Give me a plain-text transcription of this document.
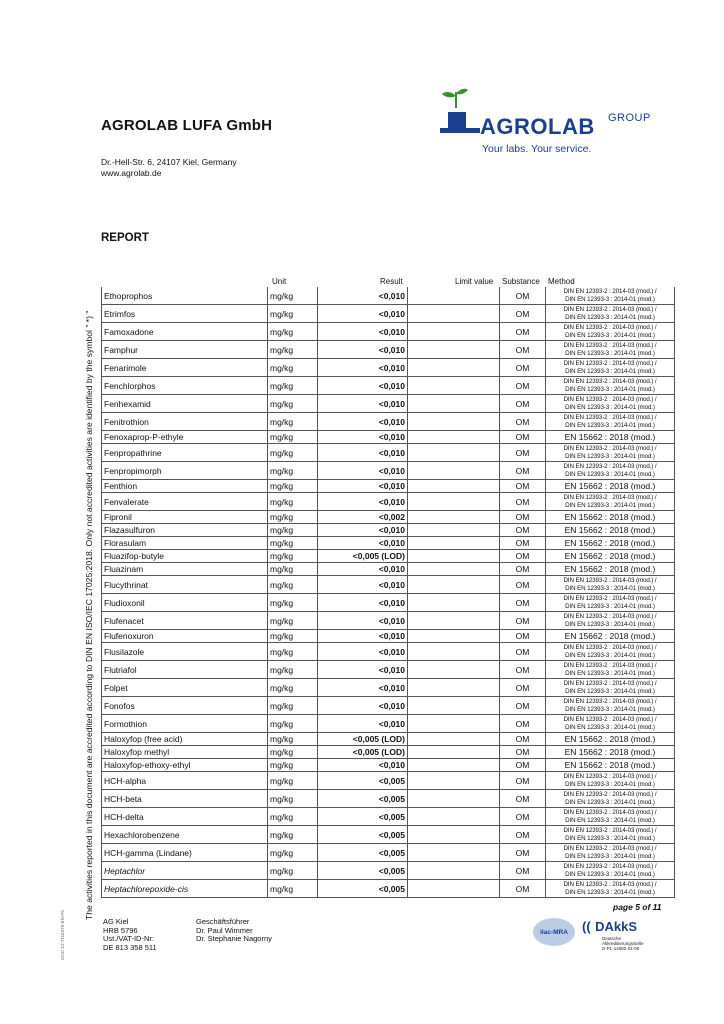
AGROLAB LUFA GmbH
Dr.-Hell-Str. 6, 24107 Kiel, Germany
www.agrolab.de
AGROLAB GROUP
Your labs. Your service.
REPORT
Unit	Result	Limit value Substance Method
Ethoprophos	mg/kg	<0,010	OM	DIN EN 12393-2 : 2014-03 (mod.) /
DIN EN 12393-3 : 2014-01 (mod.)
Etrimfos	mg/kg	<0,010	OM	DIN EN 12393-2 : 2014-03 (mod.) /
DIN EN 12393-3 : 2014-01 (mod.)
Famoxadone	mg/kg	<0,010	OM	DIN EN 12393-2 : 2014-03 (mod.) /
DIN EN 12393-3 : 2014-01 (mod.)
Famphur	mg/kg	<0,010	OM	DIN EN 12393-2 : 2014-03 (mod.) /
DIN EN 12393-3 : 2014-01 (mod.)
Fenarimole	mg/kg	<0,010	OM	DIN EN 12393-2 : 2014-03 (mod.) /
DIN EN 12393-3 : 2014-01 (mod.)
Fenchlorphos	mg/kg	<0,010	OM	DIN EN 12393-2 : 2014-03 (mod.) /
DIN EN 12393-3 : 2014-01 (mod.)
Fenhexamid	mg/kg	<0,010	OM	DIN EN 12393-2 : 2014-03 (mod.) /
DIN EN 12393-3 : 2014-01 (mod.)
Fenitrothion	mg/kg	<0,010	OM	DIN EN 12393-2 : 2014-03 (mod.) /
DIN EN 12393-3 : 2014-01 (mod.)
Fenoxaprop-P-ethyle	mg/kg	<0,010	OM	EN 15662 : 2018 (mod.)
Fenpropathrine	mg/kg	<0,010	OM	DIN EN 12393-2 : 2014-03 (mod.) /
DIN EN 12393-3 : 2014-01 (mod.)
Fenpropimorph	mg/kg	<0,010	OM	DIN EN 12393-2 : 2014-03 (mod.) /
DIN EN 12393-3 : 2014-01 (mod.)
Fenthion	mg/kg	<0,010	OM	EN 15662 : 2018 (mod.)
Fenvalerate	mg/kg	<0,010	OM	DIN EN 12393-2 : 2014-03 (mod.) /
DIN EN 12393-3 : 2014-01 (mod.)
Fipronil	mg/kg	<0,002	OM	EN 15662 : 2018 (mod.)
Flazasulfuron	mg/kg	<0,010	OM	EN 15662 : 2018 (mod.)
Florasulam	mg/kg	<0,010	OM	EN 15662 : 2018 (mod.)
Fluazifop-butyle	mg/kg	<0,005 (LOD)	OM	EN 15662 : 2018 (mod.)
Fluazinam	mg/kg	<0,010	OM	EN 15662 : 2018 (mod.)
Flucythrinat	mg/kg	<0,010	OM	DIN EN 12393-2 : 2014-03 (mod.) /
DIN EN 12393-3 : 2014-01 (mod.)
Fludioxonil	mg/kg	<0,010	OM	DIN EN 12393-2 : 2014-03 (mod.) /
DIN EN 12393-3 : 2014-01 (mod.)
Flufenacet	mg/kg	<0,010	OM	DIN EN 12393-2 : 2014-03 (mod.) /
DIN EN 12393-3 : 2014-01 (mod.)
Flufenoxuron	mg/kg	<0,010	OM	EN 15662 : 2018 (mod.)
Flusilazole	mg/kg	<0,010	OM	DIN EN 12393-2 : 2014-03 (mod.) /
DIN EN 12393-3 : 2014-01 (mod.)
Flutriafol	mg/kg	<0,010	OM	DIN EN 12393-2 : 2014-03 (mod.) /
DIN EN 12393-3 : 2014-01 (mod.)
Folpet	mg/kg	<0,010	OM	DIN EN 12393-2 : 2014-03 (mod.) /
DIN EN 12393-3 : 2014-01 (mod.)
Fonofos	mg/kg	<0,010	OM	DIN EN 12393-2 : 2014-03 (mod.) /
DIN EN 12393-3 : 2014-01 (mod.)
Formothion	mg/kg	<0,010	OM	DIN EN 12393-2 : 2014-03 (mod.) /
DIN EN 12393-3 : 2014-01 (mod.)
Haloxyfop (free acid)	mg/kg	<0,005 (LOD)	OM	EN 15662 : 2018 (mod.)
Haloxyfop methyl	mg/kg	<0,005 (LOD)	OM	EN 15662 : 2018 (mod.)
Haloxyfop-ethoxy-ethyl	mg/kg	<0,010	OM	EN 15662 : 2018 (mod.)
HCH-alpha	mg/kg	<0,005	OM	DIN EN 12393-2 : 2014-03 (mod.) /
DIN EN 12393-3 : 2014-01 (mod.)
HCH-beta	mg/kg	<0,005	OM	DIN EN 12393-2 : 2014-03 (mod.) /
DIN EN 12393-3 : 2014-01 (mod.)
HCH-delta	mg/kg	<0,005	OM	DIN EN 12393-2 : 2014-03 (mod.) /
DIN EN 12393-3 : 2014-01 (mod.)
Hexachlorobenzene	mg/kg	<0,005	OM	DIN EN 12393-2 : 2014-03 (mod.) /
DIN EN 12393-3 : 2014-01 (mod.)
HCH-gamma (Lindane)	mg/kg	<0,005	OM	DIN EN 12393-2 : 2014-03 (mod.) /
DIN EN 12393-3 : 2014-01 (mod.)
Heptachlor	mg/kg	<0,005	OM	DIN EN 12393-2 : 2014-03 (mod.) /
DIN EN 12393-3 : 2014-01 (mod.)
Heptachlorepoxide-cis	mg/kg	<0,005	OM	DIN EN 12393-2 : 2014-03 (mod.) /
DIN EN 12393-3 : 2014-01 (mod.)
The activities reported in this document are accredited according to DIN EN ISO/IEC 17025:2018. Only not accredited activities are identified by the symbol " *) "
DOC-12-7116378-EN-P5
page 5 of 11
AG Kiel
HRB 5796
Ust./VAT-ID-Nr:
DE 813 358 511
Geschäftsführer
Dr. Paul Wimmer
Dr. Stephanie Nagorny
ilac-MRA	(( DAkkS
Deutsche
Akkreditierungsstelle
D-PL-14082-01-00
